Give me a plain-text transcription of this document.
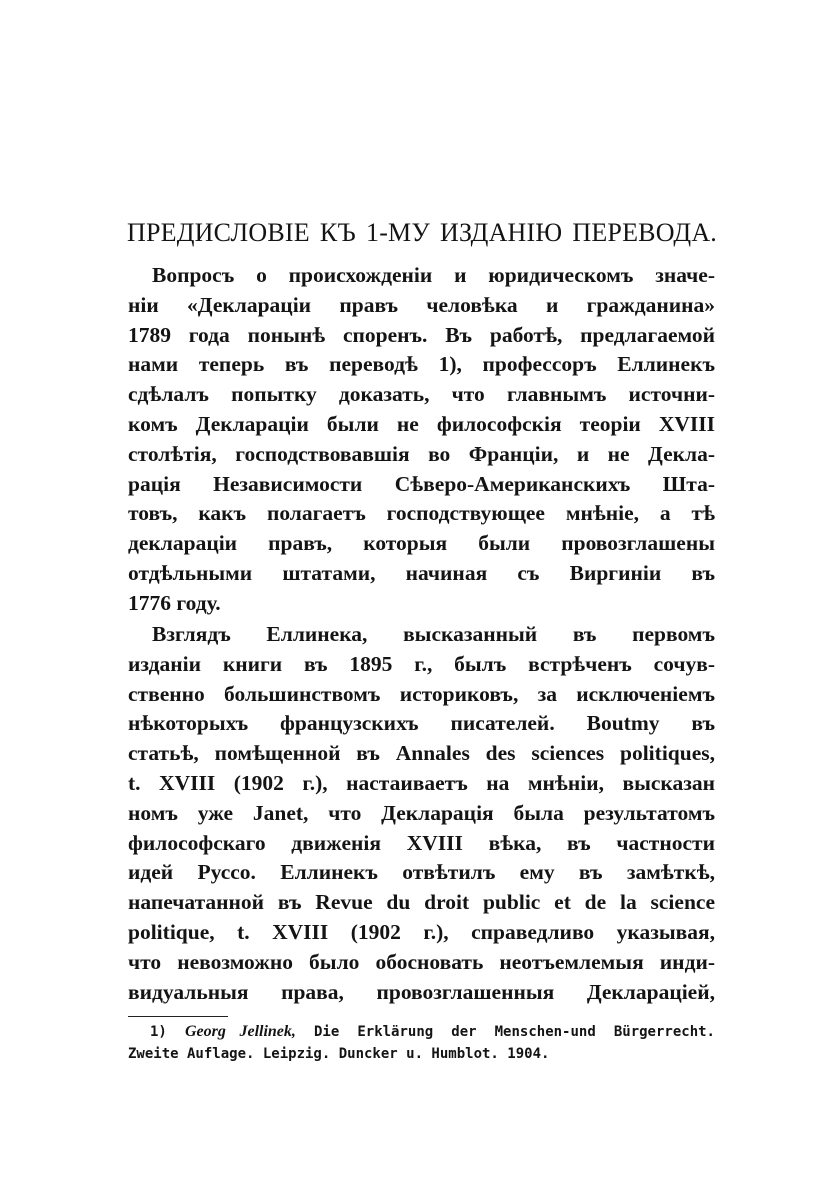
ПРЕДИСЛОВІЕ КЪ 1-МУ ИЗДАНІЮ ПЕРЕВОДА.
Вопросъ о происхожденіи и юридическомъ значе-
ніи «Деклараціи правъ человѣка и гражданина»
1789 года понынѣ споренъ. Въ работѣ, предлагаемой
нами теперь въ переводѣ 1), профессоръ Еллинекъ
сдѣлалъ попытку доказать, что главнымъ источни-
комъ Деклараціи были не философскія теоріи XVIII
столѣтія, господствовавшія во Франціи, и не Декла-
рація Независимости Сѣверо-Американскихъ Шта-
товъ, какъ полагаетъ господствующее мнѣніе, а тѣ
деклараціи правъ, которыя были провозглашены
отдѣльными штатами, начиная съ Виргиніи въ
1776 году.
Взглядъ Еллинека, высказанный въ первомъ
изданіи книги въ 1895 г., былъ встрѣченъ сочув-
ственно большинствомъ историковъ, за исключеніемъ
нѣкоторыхъ французскихъ писателей. Boutmy въ
статьѣ, помѣщенной въ Annales des sciences politiques,
t. XVIII (1902 г.), настаиваетъ на мнѣніи, высказан
номъ уже Janet, что Декларація была результатомъ
философскаго движенія XVIII вѣка, въ частности
идей Руссо. Еллинекъ отвѣтилъ ему въ замѣткѣ,
напечатанной въ Revue du droit public et de la science
politique, t. XVIII (1902 г.), справедливо указывая,
что невозможно было обосновать неотъемлемыя инди-
видуальныя права, провозглашенныя Деклараціей,
1) Georg Jellinek, Die Erklärung der Menschen-und Bürgerrecht.
Zweite Auflage. Leipzig. Duncker u. Humblot. 1904.
